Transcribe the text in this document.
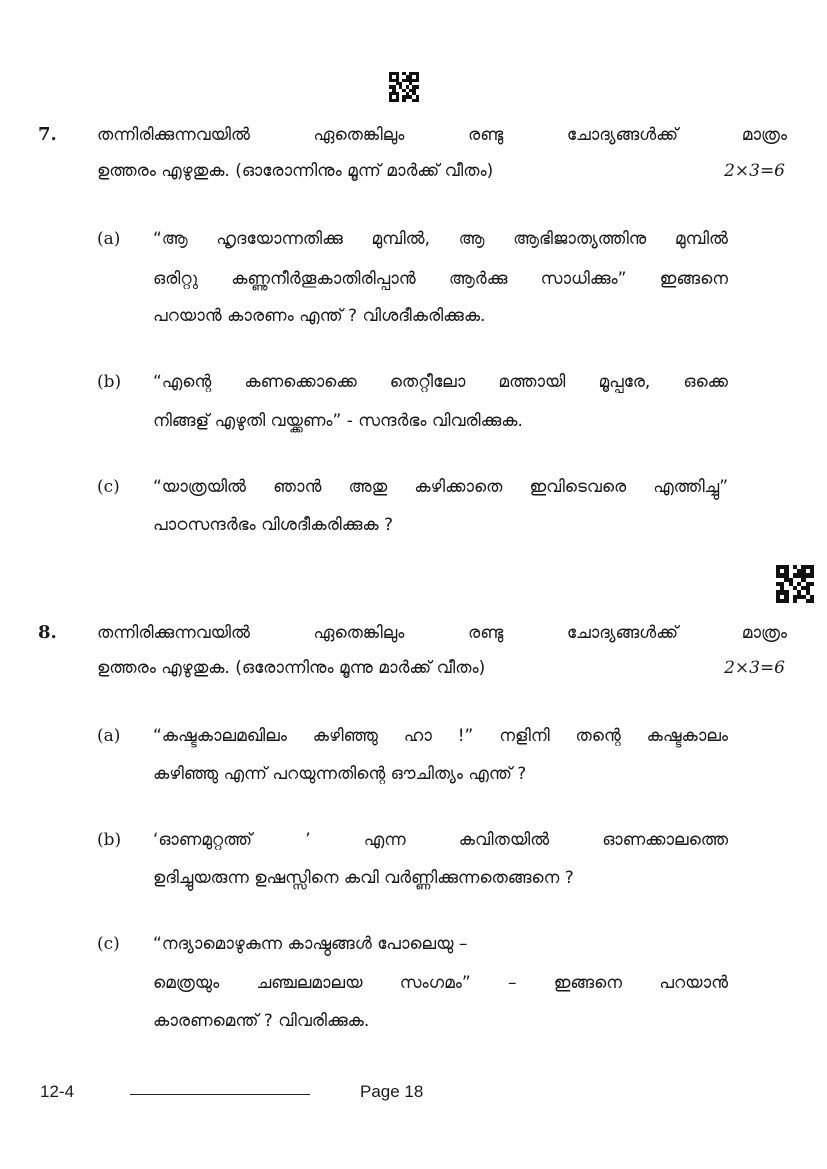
7. തന്നിരിക്കുന്നവയിൽ ഏതെങ്കിലും രണ്ടു ചോദ്യങ്ങൾക്ക് മാത്രം
ഉത്തരം എഴുതുക. (ഓരോന്നിനും മൂന്ന് മാർക്ക് വീതം)	2×3=6
(a) “ആ ഹൃദയോന്നതിക്കു മുമ്പിൽ, ആ ആഭിജാത്യത്തിനു മുമ്പിൽ
ഒരിറ്റു കണ്ണുനീർതൂകാതിരിപ്പാൻ ആർക്കു സാധിക്കും” ഇങ്ങനെ
പറയാൻ കാരണം എന്ത് ? വിശദീകരിക്കുക.
(b) “എന്റെ കണക്കൊക്കെ തെറ്റീലോ മത്തായി മൂപ്പരേ, ഒക്കെ
നിങ്ങള് എഴുതി വയ്ക്കണം” - സന്ദർഭം വിവരിക്കുക.
(c) “യാത്രയിൽ ഞാൻ അതു കഴിക്കാതെ ഇവിടെവരെ എത്തിച്ചു”
പാഠസന്ദർഭം വിശദീകരിക്കുക ?
8. തന്നിരിക്കുന്നവയിൽ ഏതെങ്കിലും രണ്ടു ചോദ്യങ്ങൾക്ക് മാത്രം
ഉത്തരം എഴുതുക. (ഒരോന്നിനും മൂന്നു മാർക്ക് വീതം)	2×3=6
(a) “കഷ്ടകാലമഖിലം കഴിഞ്ഞു ഹാ !” നളിനി തന്റെ കഷ്ടകാലം
കഴിഞ്ഞു എന്ന് പറയുന്നതിന്റെ ഔചിത്യം എന്ത് ?
(b) ‘ഓണമുറ്റത്ത് ’ എന്ന കവിതയിൽ ഓണക്കാലത്തെ
ഉദിച്ചുയരുന്ന ഉഷസ്സിനെ കവി വർണ്ണിക്കുന്നതെങ്ങനെ ?
(c) “നദ്യാമൊഴുകുന്ന കാഷ്ഠങ്ങൾ പോലെയു –
മെത്രയും ചഞ്ചലമാലയ സംഗമം” – ഇങ്ങനെ പറയാൻ
കാരണമെന്ത് ? വിവരിക്കുക.
12-4	Page 18
